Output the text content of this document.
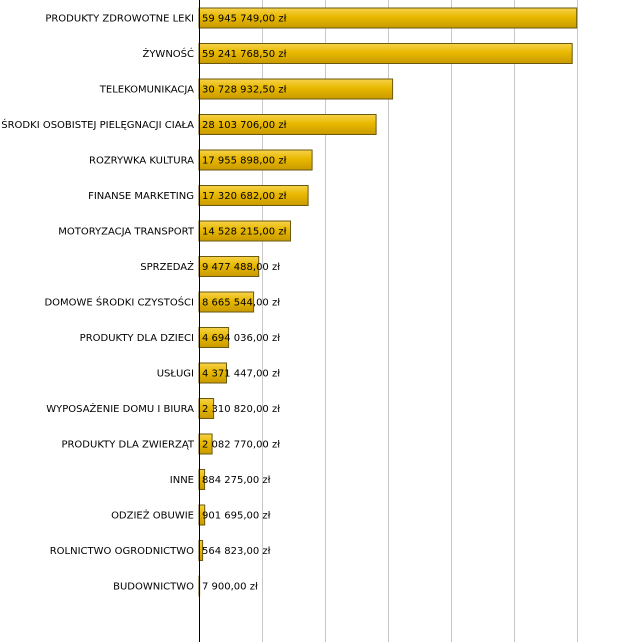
PRODUKTY ZDROWOTNE LEKI
ŻYWNOŚĆ
TELEKOMUNIKACJA
ŚRODKI OSOBISTEJ PIELĘGNACJI CIAŁA
ROZRYWKA KULTURA
FINANSE MARKETING
MOTORYZACJA TRANSPORT
SPRZEDAŻ
DOMOWE ŚRODKI CZYSTOŚCI
PRODUKTY DLA DZIECI
USŁUGI
WYPOSAŻENIE DOMU I BIURA
PRODUKTY DLA ZWIERZĄT
INNE
ODZIEŻ OBUWIE
ROLNICTWO OGRODNICTWO
BUDOWNICTWO
59 945 749,00 zł
59 241 768,50 zł
30 728 932,50 zł
28 103 706,00 zł
17 955 898,00 zł
17 320 682,00 zł
14 528 215,00 zł
9 477 488,00 zł
8 665 544,00 zł
4 694 036,00 zł
4 371 447,00 zł
2 310 820,00 zł
2 082 770,00 zł
884 275,00 zł
901 695,00 zł
564 823,00 zł
7 900,00 zł
